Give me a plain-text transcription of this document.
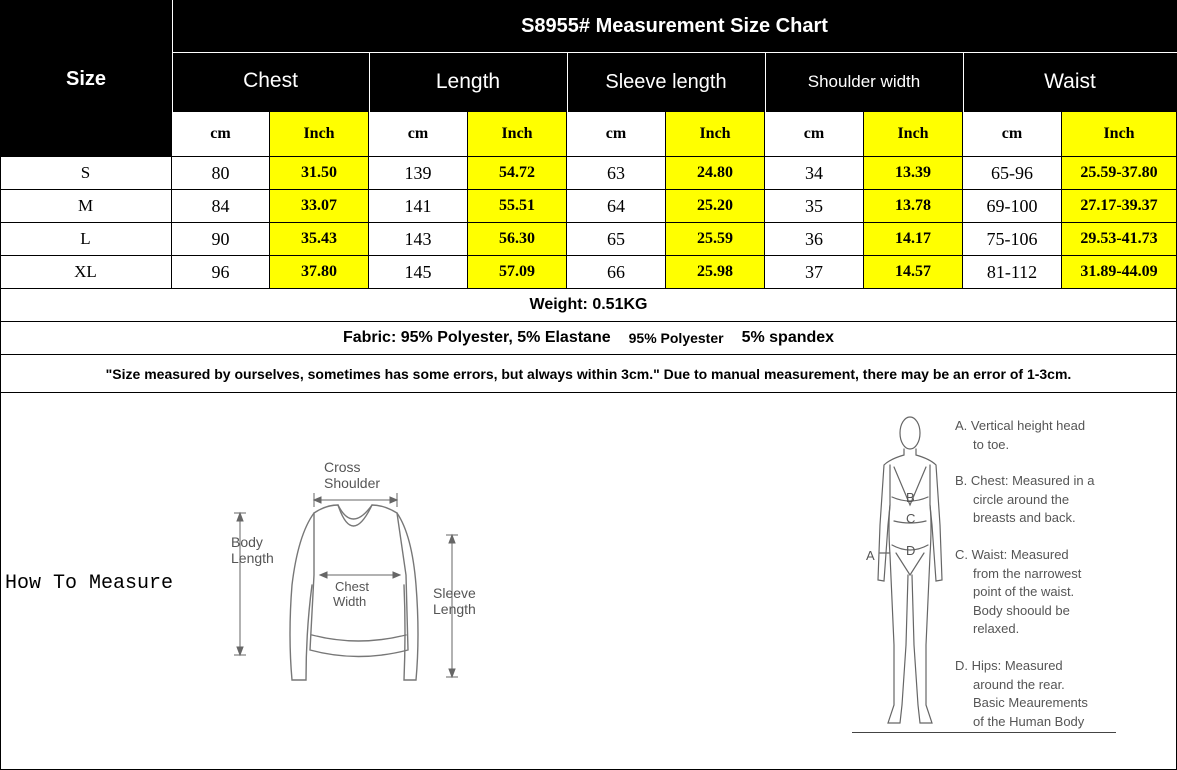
S8955# Measurement Size Chart
Size	Chest	Length	Sleeve length	Shoulder width	Waist
cm	Inch	cm	Inch	cm	Inch	cm	Inch	cm	Inch
S	80	31.50	139	54.72	63	24.80	34	13.39	65-96	25.59-37.80
M	84	33.07	141	55.51	64	25.20	35	13.78	69-100	27.17-39.37
L	90	35.43	143	56.30	65	25.59	36	14.17	75-106	29.53-41.73
XL	96	37.80	145	57.09	66	25.98	37	14.57	81-112	31.89-44.09
Weight: 0.51KG
Fabric: 95% Polyester, 5% Elastane 95% Polyester 5% spandex
"Size measured by ourselves, sometimes has some errors, but always within 3cm." Due to manual measurement, there may be an error of 1-3cm.
How To Measure
Cross
Shoulder
Body
Length
Chest
Width
Sleeve
Length
A
B
C
D
A. Vertical height head
to toe.
B. Chest: Measured in a
circle around the
breasts and back.
C. Waist: Measured
from the narrowest
point of the waist.
Body shoould be
relaxed.
D. Hips: Measured
around the rear.
Basic Meaurements
of the Human Body
